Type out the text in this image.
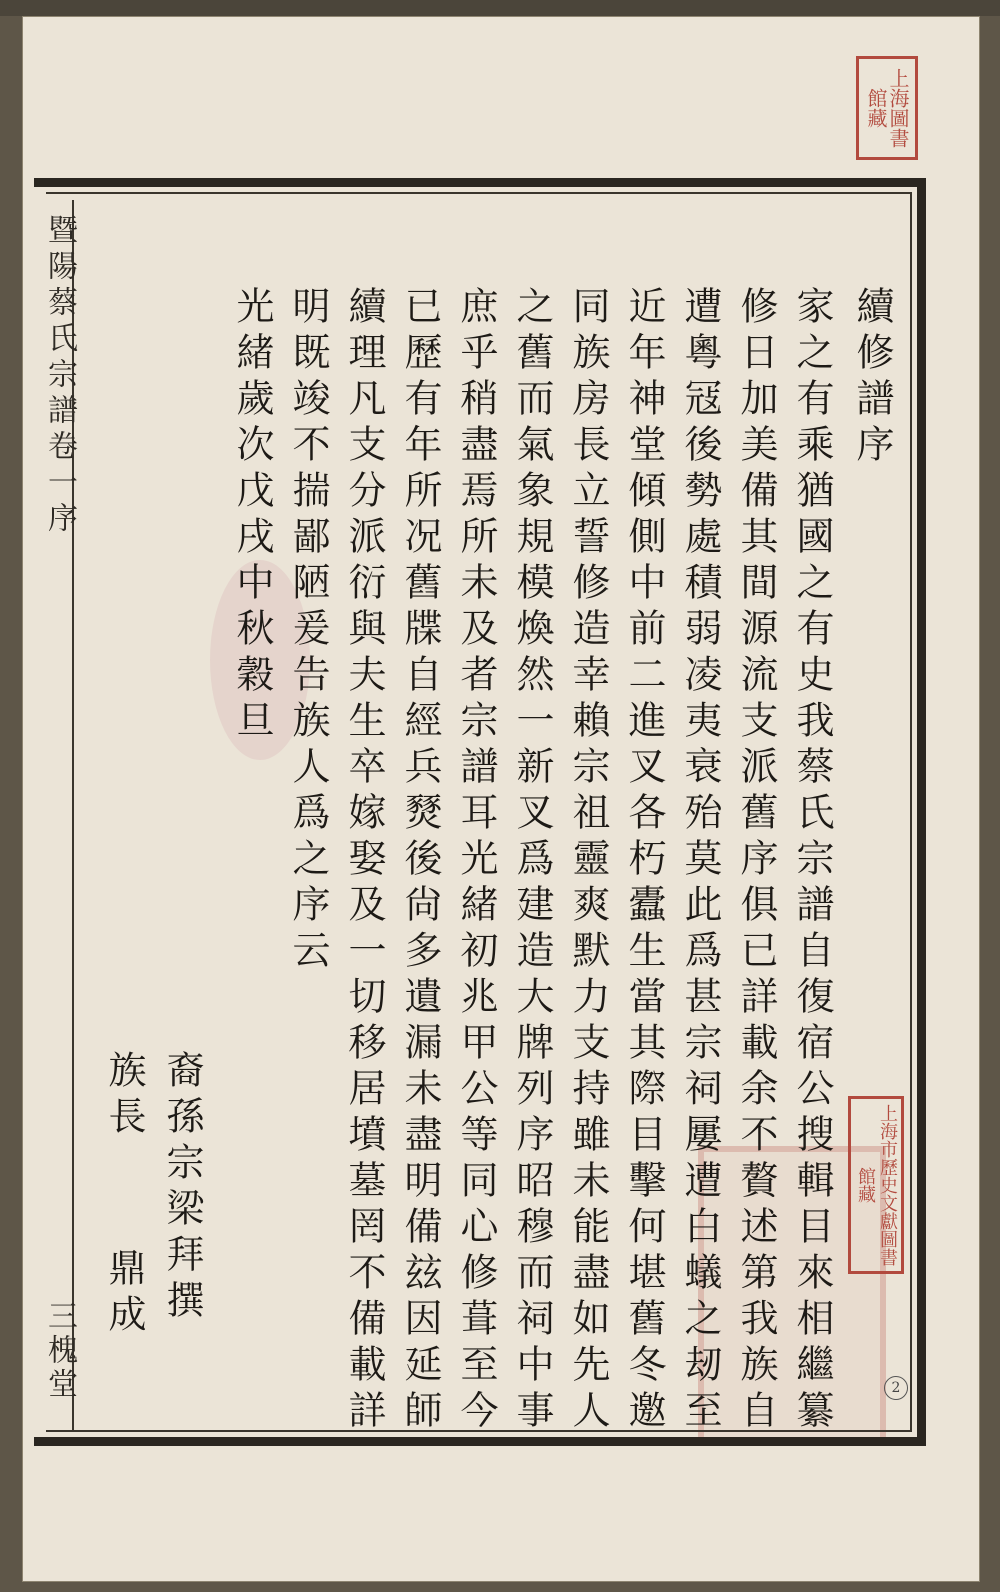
暨陽蔡氏宗譜卷一序
三槐堂
續修譜序
家之有乘猶國之有史我蔡氏宗譜自復宿公搜輯目來相繼纂
修日加美備其間源流支派舊序俱已詳載余不贅述第我族自
遭粵冦後勢處積弱凌夷衰殆莫此爲甚宗祠屢遭白蟻之刼至
近年神堂傾側中前二進叉各朽蠹生當其際目擊何堪舊冬邀
同族房長立誓修造幸賴宗祖靈爽默力支持雖未能盡如先人
之舊而氣象規模煥然一新叉爲建造大牌列序昭穆而祠中事
庶乎稍盡焉所未及者宗譜耳光緒初兆甲公等同心修葺至今
已歷有年所况舊牒自經兵燹後尙多遺漏未盡明備玆因延師
續理凡支分派衍與夫生卒嫁娶及一切移居墳墓罔不備載詳
明既竣不揣鄙陋爰告族人爲之序云
光緒歲次戊戌中秋穀旦
裔孫宗梁拜撰
族長
鼎成
上海圖書館藏
上海市歷史文獻圖書館藏
2
